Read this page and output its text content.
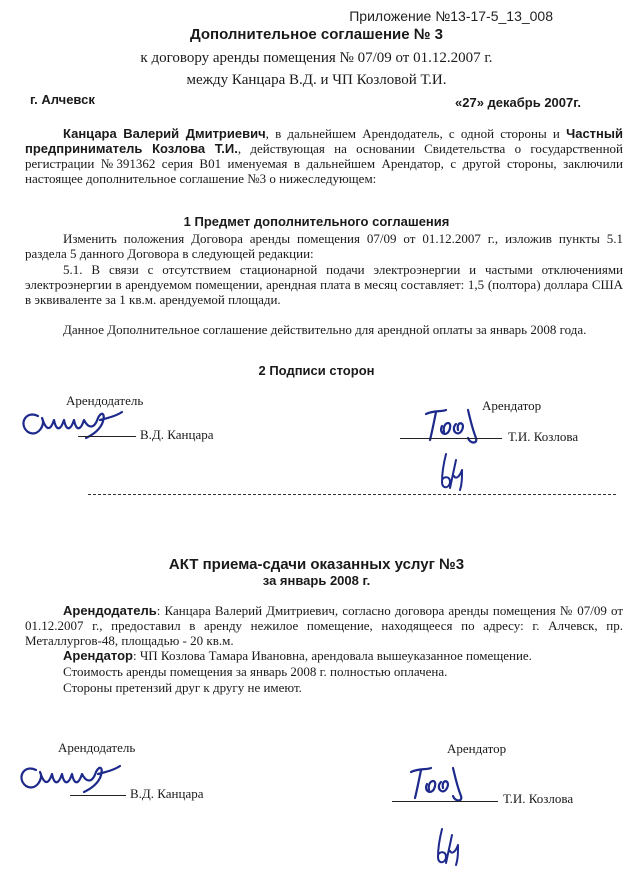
Приложение №13-17-5_13_008
Дополнительное соглашение № 3
к договору аренды помещения № 07/09 от 01.12.2007 г.
между Канцара В.Д. и ЧП Козловой Т.И.
г. Алчевск	«27» декабрь 2007г.
Канцара Валерий Дмитриевич, в дальнейшем Арендодатель, с одной стороны и Частный предприниматель Козлова Т.И., действующая на основании Свидетельства о государственной регистрации №391362 серия В01 именуемая в дальнейшем Арендатор, с другой стороны, заключили настоящее дополнительное соглашение №3 о нижеследующем:
1 Предмет дополнительного соглашения
Изменить положения Договора аренды помещения 07/09 от 01.12.2007 г., изложив пункты 5.1 раздела 5 данного Договора в следующей редакции:
5.1. В связи с отсутствием стационарной подачи электроэнергии и частыми отключениями электроэнергии в арендуемом помещении, арендная плата в месяц составляет: 1,5 (полтора) доллара США в эквиваленте за 1 кв.м. арендуемой площади.
Данное Дополнительное соглашение действительно для арендной оплаты за январь 2008 года.
2 Подписи сторон
Арендодатель
В.Д. Канцара
Арендатор
Т.И. Козлова
АКТ приема-сдачи оказанных услуг №3
за январь 2008 г.
Арендодатель: Канцара Валерий Дмитриевич, согласно договора аренды помещения № 07/09 от 01.12.2007 г., предоставил в аренду нежилое помещение, находящееся по адресу: г. Алчевск, пр. Металлургов-48, площадью - 20 кв.м.
Арендатор: ЧП Козлова Тамара Ивановна, арендовала вышеуказанное помещение.
Стоимость аренды помещения за январь 2008 г. полностью оплачена.
Стороны претензий друг к другу не имеют.
Арендодатель
В.Д. Канцара
Арендатор
Т.И. Козлова
